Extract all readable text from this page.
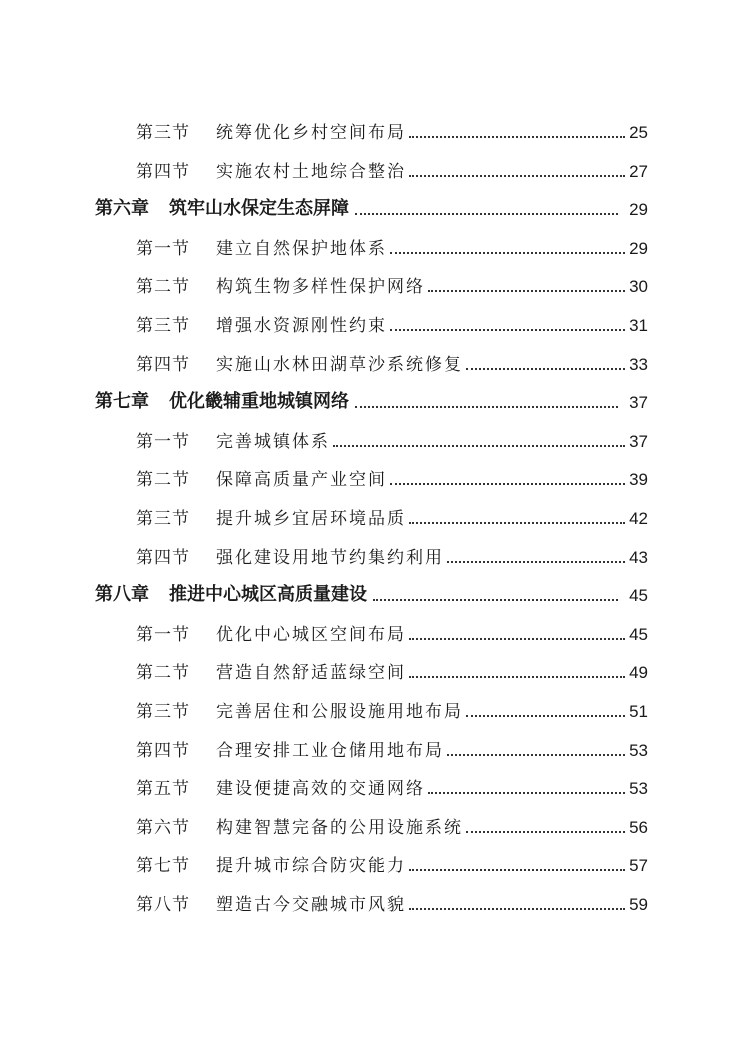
第三节	统筹优化乡村空间布局	25
第四节	实施农村土地综合整治	27
第六章	筑牢山水保定生态屏障	29
第一节	建立自然保护地体系	29
第二节	构筑生物多样性保护网络	30
第三节	增强水资源刚性约束	31
第四节	实施山水林田湖草沙系统修复	33
第七章	优化畿辅重地城镇网络	37
第一节	完善城镇体系	37
第二节	保障高质量产业空间	39
第三节	提升城乡宜居环境品质	42
第四节	强化建设用地节约集约利用	43
第八章	推进中心城区高质量建设	45
第一节	优化中心城区空间布局	45
第二节	营造自然舒适蓝绿空间	49
第三节	完善居住和公服设施用地布局	51
第四节	合理安排工业仓储用地布局	53
第五节	建设便捷高效的交通网络	53
第六节	构建智慧完备的公用设施系统	56
第七节	提升城市综合防灾能力	57
第八节	塑造古今交融城市风貌	59
